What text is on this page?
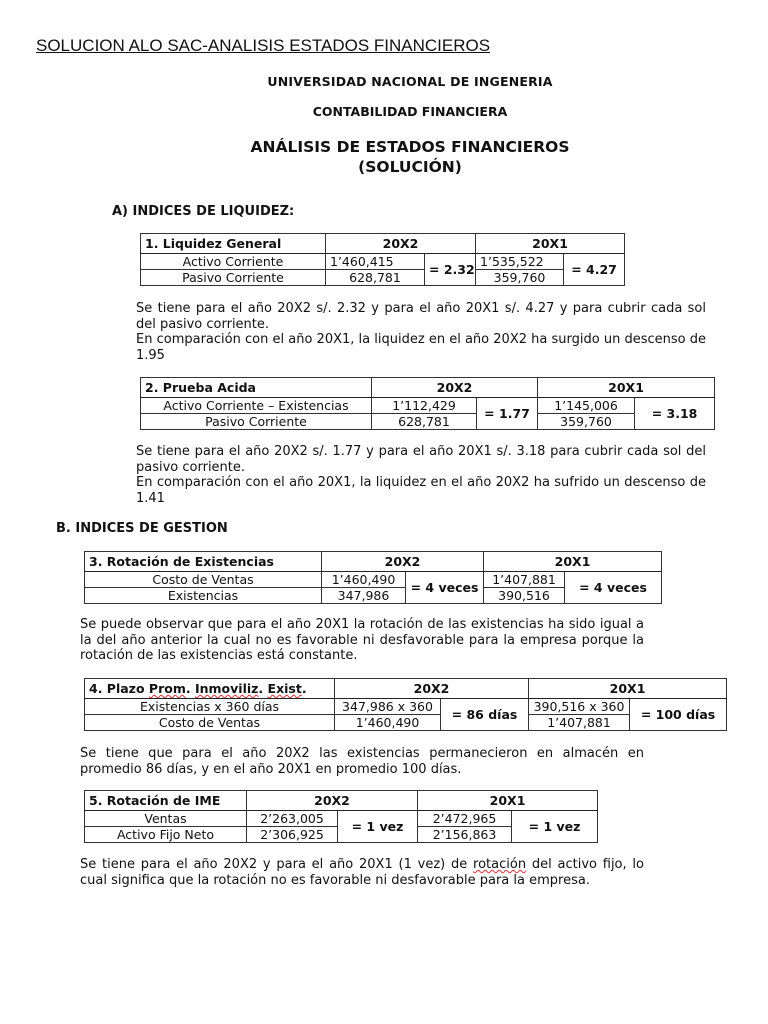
SOLUCION ALO SAC-ANALISIS ESTADOS FINANCIEROS
UNIVERSIDAD NACIONAL DE INGENERIA
CONTABILIDAD FINANCIERA
ANÁLISIS DE ESTADOS FINANCIEROS
(SOLUCIÓN)
A) INDICES DE LIQUIDEZ:
1. Liquidez General	20X2		20X1	
Activo Corriente	1’460,415	= 2.32	1’535,522	= 4.27
Pasivo Corriente	628,781		359,760	

Se tiene para el año 20X2 s/. 2.32 y para el año 20X1 s/. 4.27 y para cubrir cada sol del pasivo corriente.

En comparación con el año 20X1, la liquidez en el año 20X2 ha surgido un descenso de 1.95

2. Prueba Acida	20X2		20X1	
Activo Corriente – Existencias	1’112,429	= 1.77	1’145,006	= 3.18
Pasivo Corriente	628,781		359,760	

Se tiene para el año 20X2 s/. 1.77 y para el año 20X1 s/. 3.18 para cubrir cada sol del pasivo corriente.

En comparación con el año 20X1, la liquidez en el año 20X2 ha sufrido un descenso de 1.41

B. INDICES DE GESTION
3. Rotación de Existencias	20X2		20X1	
Costo de Ventas	1’460,490	= 4 veces	1’407,881	= 4 veces
Existencias	347,986		390,516	

Se puede observar que para el año 20X1 la rotación de las existencias ha sido igual a la del año anterior la cual no es favorable ni desfavorable para la empresa porque la rotación de las existencias está constante.

4. Plazo Prom. Inmoviliz. Exist.	20X2		20X1	
Existencias x 360 días	347,986 x 360	= 86 días	390,516 x 360	= 100 días
Costo de Ventas	1’460,490		1’407,881	

Se tiene que para el año 20X2 las existencias permanecieron en almacén en promedio 86 días, y en el año 20X1 en promedio 100 días.

5. Rotación de IME	20X2		20X1	
Ventas	2’263,005	= 1 vez	2’472,965	= 1 vez
Activo Fijo Neto	2’306,925		2’156,863	

Se tiene para el año 20X2 y para el año 20X1 (1 vez) de rotación del activo fijo, lo cual significa que la rotación no es favorable ni desfavorable para la empresa.
